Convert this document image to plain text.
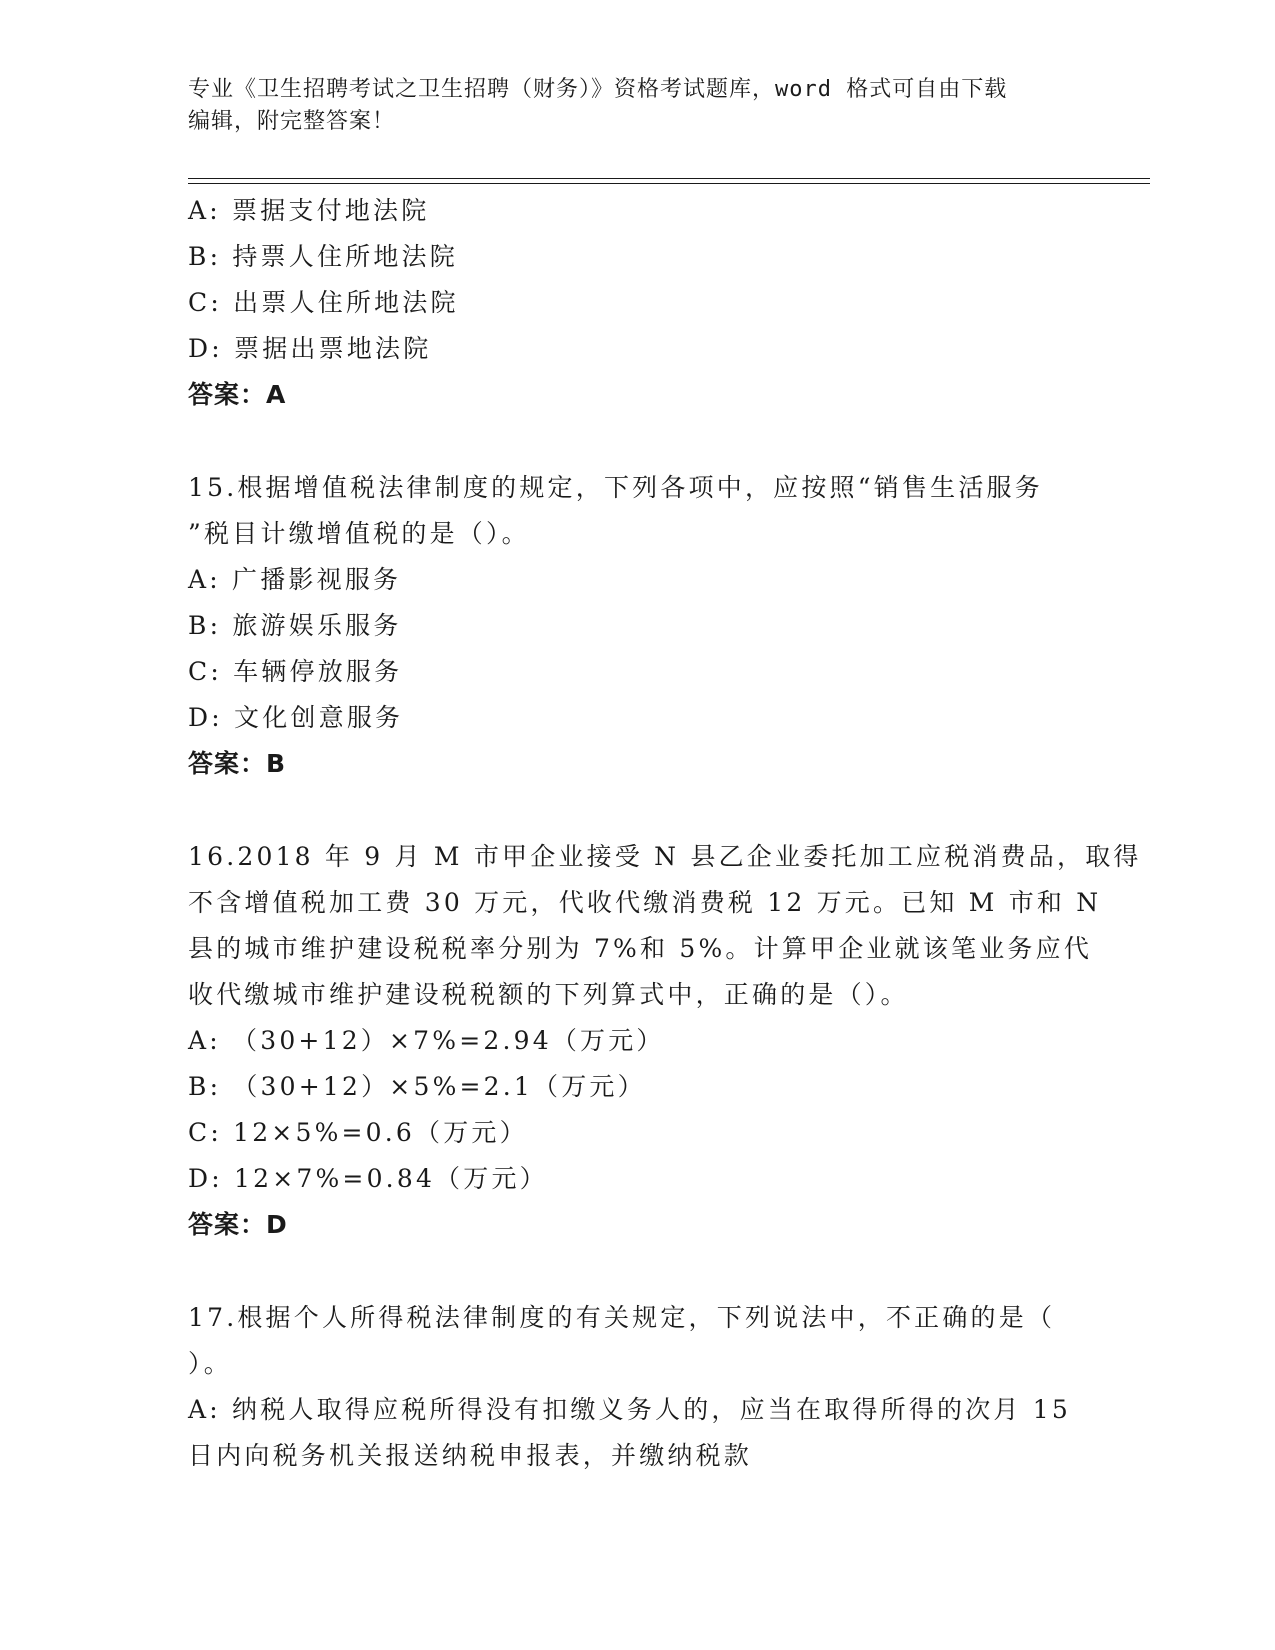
专业《卫生招聘考试之卫生招聘（财务）》资格考试题库，word 格式可自由下载
编辑，附完整答案！
A: 票据支付地法院
B: 持票人住所地法院
C: 出票人住所地法院
D: 票据出票地法院
答案：A
15.根据增值税法律制度的规定，下列各项中，应按照“销售生活服务
”税目计缴增值税的是（）。
A: 广播影视服务
B: 旅游娱乐服务
C: 车辆停放服务
D: 文化创意服务
答案：B
16.2018 年 9 月 M 市甲企业接受 N 县乙企业委托加工应税消费品，取得
不含增值税加工费 30 万元，代收代缴消费税 12 万元。已知 M 市和 N
县的城市维护建设税税率分别为 7%和 5%。计算甲企业就该笔业务应代
收代缴城市维护建设税税额的下列算式中，正确的是（）。
A: （30+12）×7%=2.94（万元）
B: （30+12）×5%=2.1（万元）
C: 12×5%=0.6（万元）
D: 12×7%=0.84（万元）
答案：D
17.根据个人所得税法律制度的有关规定，下列说法中，不正确的是（
）。
A: 纳税人取得应税所得没有扣缴义务人的，应当在取得所得的次月 15
日内向税务机关报送纳税申报表，并缴纳税款
